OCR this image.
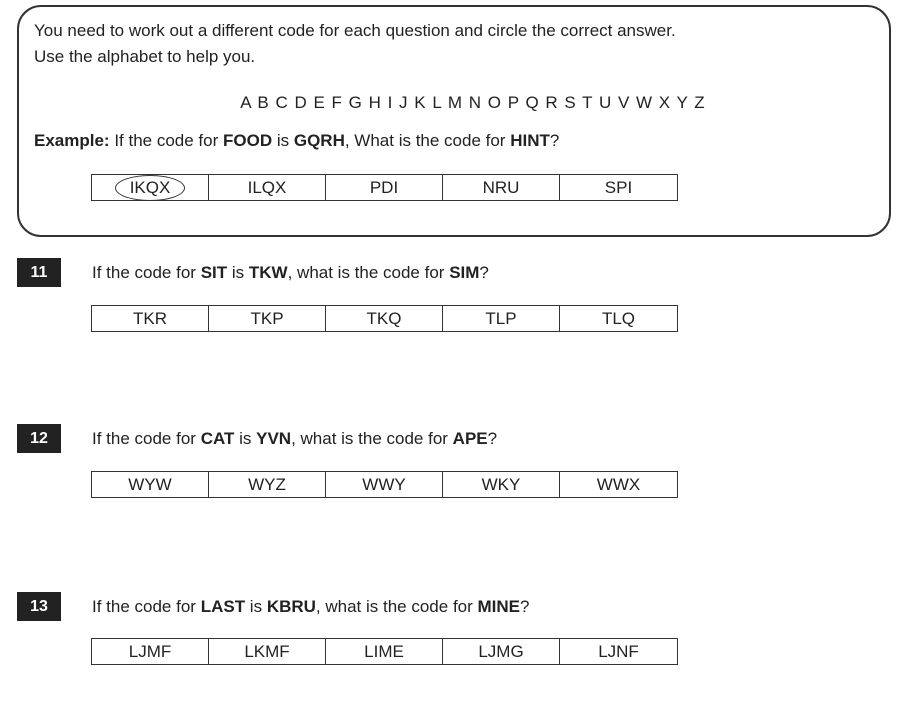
You need to work out a different code for each question and circle the correct answer.
Use the alphabet to help you.

A B C D E F G H I J K L M N O P Q R S T U V W X Y Z
Example: If the code for FOOD is GQRH, What is the code for HINT?
IKQX	ILQX	PDI	NRU	SPI
11	If the code for SIT is TKW, what is the code for SIM?
TKR	TKP	TKQ	TLP	TLQ
12	If the code for CAT is YVN, what is the code for APE?
WYW	WYZ	WWY	WKY	WWX
13	If the code for LAST is KBRU, what is the code for MINE?
LJMF	LKMF	LIME	LJMG	LJNF
